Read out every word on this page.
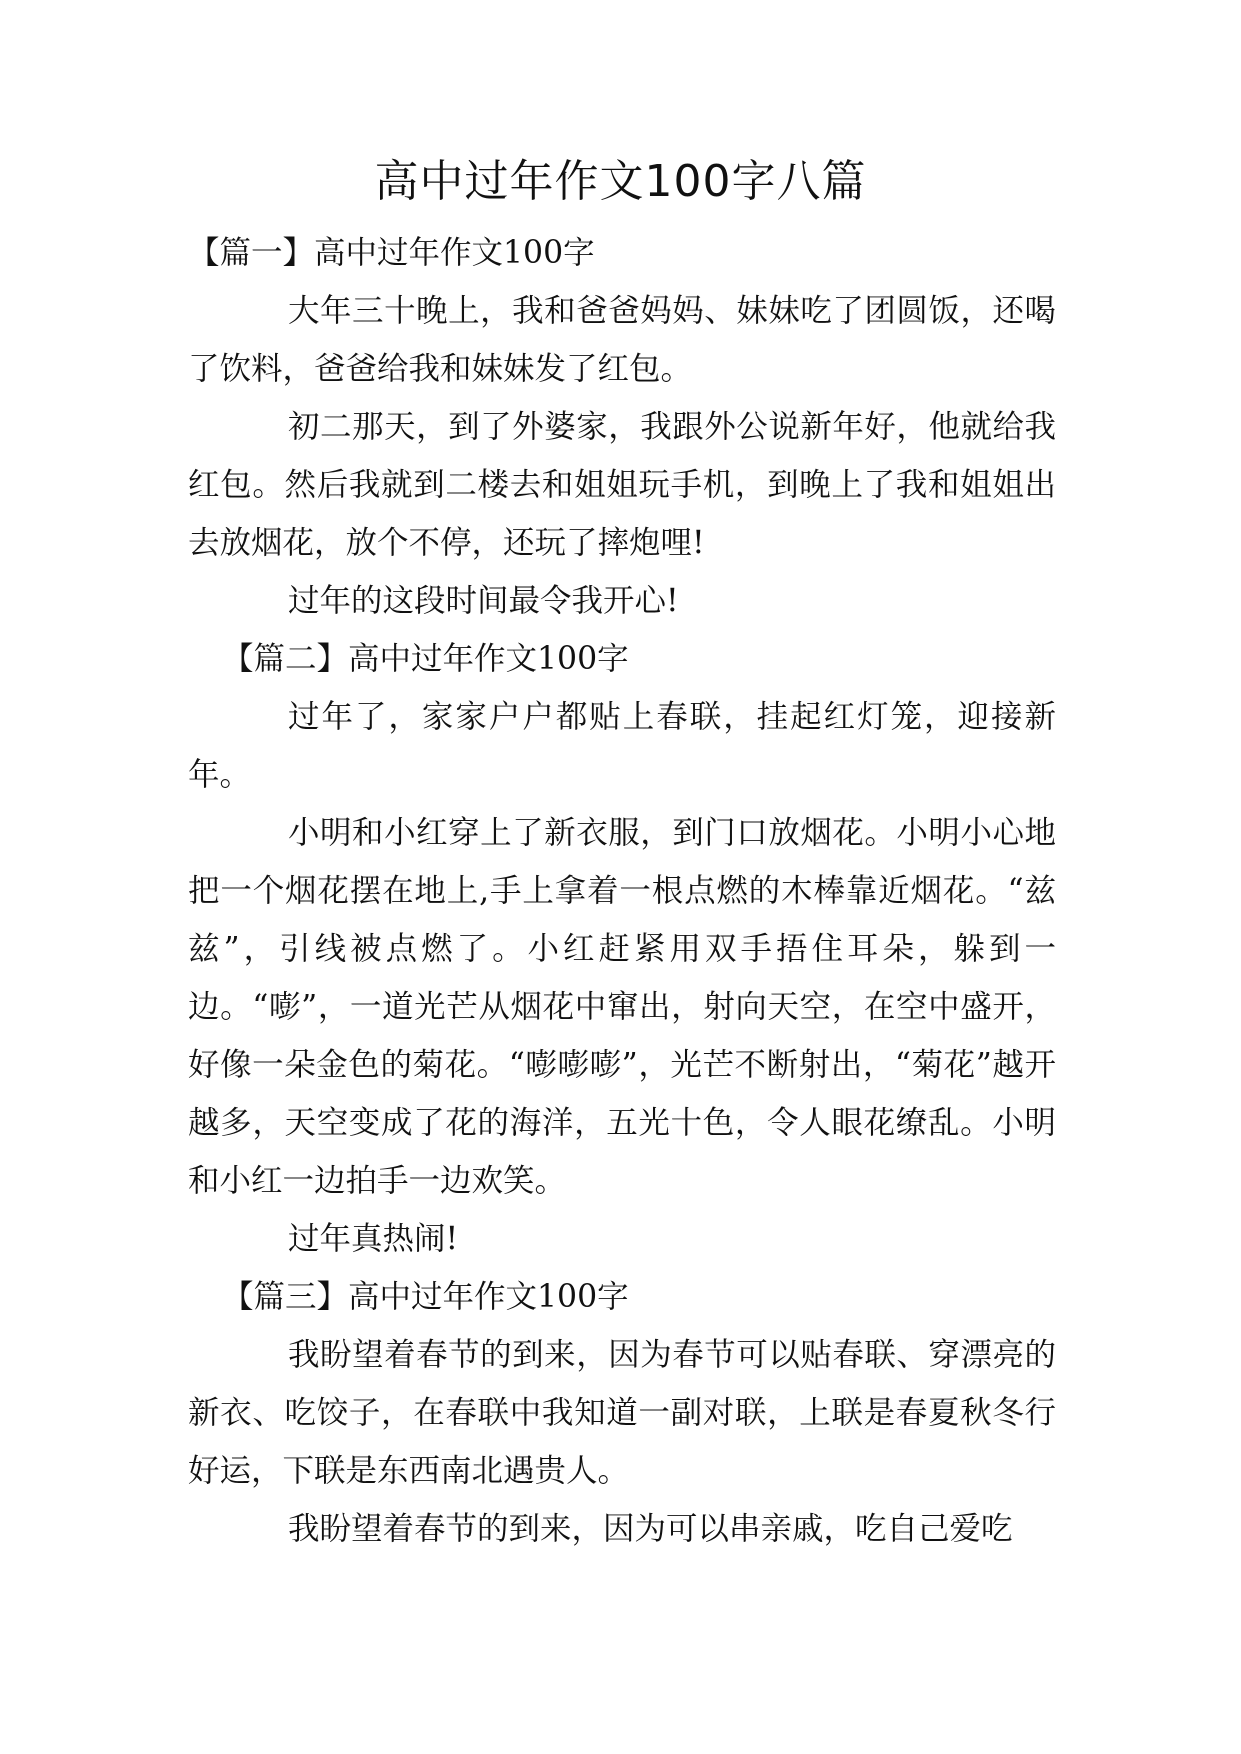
高中过年作文100字八篇

【篇一】高中过年作文100字

大年三十晚上，我和爸爸妈妈、妹妹吃了团圆饭，还喝了饮料，爸爸给我和妹妹发了红包。

初二那天，到了外婆家，我跟外公说新年好，他就给我红包。然后我就到二楼去和姐姐玩手机，到晚上了我和姐姐出去放烟花，放个不停，还玩了摔炮哩!

过年的这段时间最令我开心!

【篇二】高中过年作文100字

过年了，家家户户都贴上春联，挂起红灯笼，迎接新年。

小明和小红穿上了新衣服，到门口放烟花。小明小心地把一个烟花摆在地上,手上拿着一根点燃的木棒靠近烟花。“兹兹”，引线被点燃了。小红赶紧用双手捂住耳朵，躲到一边。“嘭”，一道光芒从烟花中窜出，射向天空，在空中盛开，好像一朵金色的菊花。“嘭嘭嘭”，光芒不断射出，“菊花”越开越多，天空变成了花的海洋，五光十色，令人眼花缭乱。小明和小红一边拍手一边欢笑。

过年真热闹!

【篇三】高中过年作文100字

我盼望着春节的到来，因为春节可以贴春联、穿漂亮的新衣、吃饺子，在春联中我知道一副对联，上联是春夏秋冬行好运，下联是东西南北遇贵人。

我盼望着春节的到来，因为可以串亲戚，吃自己爱吃
